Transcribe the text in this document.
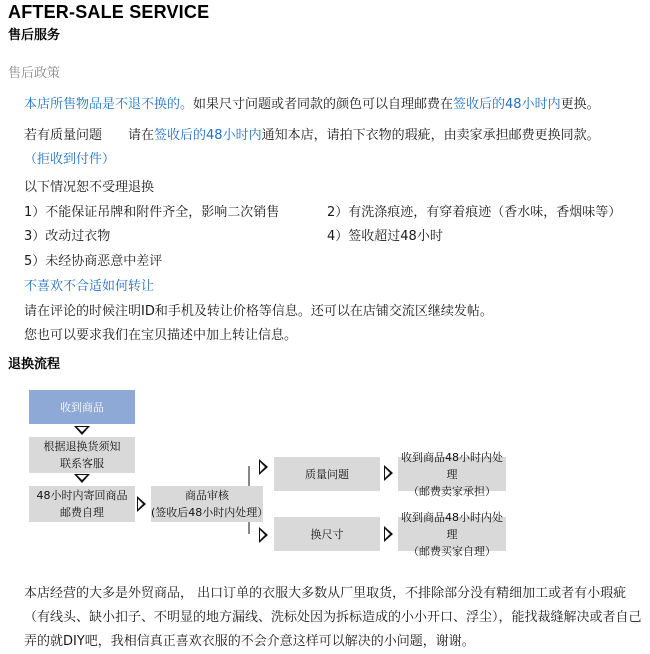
AFTER-SALE SERVICE
售后服务
售后政策
本店所售物品是不退不换的。如果尺寸问题或者同款的颜色可以自理邮费在签收后的48小时内更换。
若有质量问题 请在签收后的48小时内通知本店，请拍下衣物的瑕疵，由卖家承担邮费更换同款。
（拒收到付件）
以下情况恕不受理退换
1）不能保证吊牌和附件齐全，影响二次销售	2）有洗涤痕迹，有穿着痕迹（香水味，香烟味等）
3）改动过衣物	4）签收超过48小时
5）未经协商恶意中差评
不喜欢不合适如何转让
请在评论的时候注明ID和手机及转让价格等信息。还可以在店铺交流区继续发帖。
您也可以要求我们在宝贝描述中加上转让信息。
退换流程
收到商品
根据退换货须知
联系客服
48小时内寄回商品
邮费自理
商品审核
(签收后48小时内处理）
质量问题
收到商品48小时内处理
（邮费卖家承担）
换尺寸
收到商品48小时内处理
（邮费买家自理）
本店经营的大多是外贸商品， 出口订单的衣服大多数从厂里取货，不排除部分没有精细加工或者有小瑕疵（有线头、缺小扣子、不明显的地方漏线、洗标处因为拆标造成的小小开口、浮尘），能找裁缝解决或者自己弄的就DIY吧，我相信真正喜欢衣服的不会介意这样可以解决的小问题，谢谢。
